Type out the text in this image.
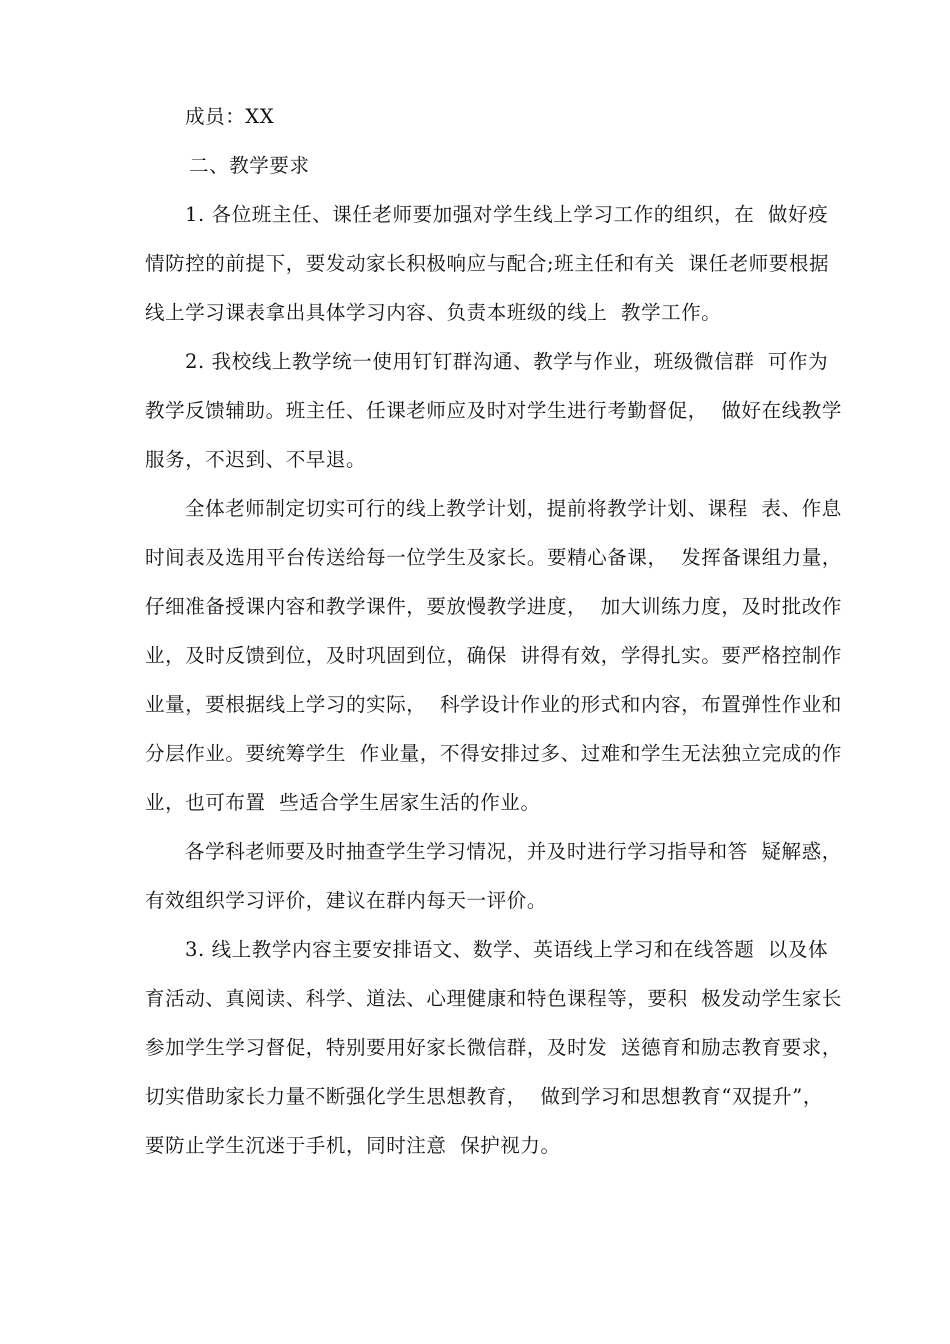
成员：XX
二、教学要求
1. 各位班主任、课任老师要加强对学生线上学习工作的组织，在  做好疫
情防控的前提下，要发动家长积极响应与配合;班主任和有关  课任老师要根据
线上学习课表拿出具体学习内容、负责本班级的线上  教学工作。
2. 我校线上教学统一使用钉钉群沟通、教学与作业，班级微信群  可作为
教学反馈辅助。班主任、任课老师应及时对学生进行考勤督促，  做好在线教学
服务，不迟到、不早退。
全体老师制定切实可行的线上教学计划，提前将教学计划、课程  表、作息
时间表及选用平台传送给每一位学生及家长。要精心备课，  发挥备课组力量，
仔细准备授课内容和教学课件，要放慢教学进度，  加大训练力度，及时批改作
业，及时反馈到位，及时巩固到位，确保  讲得有效，学得扎实。要严格控制作
业量，要根据线上学习的实际，  科学设计作业的形式和内容，布置弹性作业和
分层作业。要统筹学生  作业量，不得安排过多、过难和学生无法独立完成的作
业，也可布置  些适合学生居家生活的作业。
各学科老师要及时抽查学生学习情况，并及时进行学习指导和答  疑解惑，
有效组织学习评价，建议在群内每天一评价。
3. 线上教学内容主要安排语文、数学、英语线上学习和在线答题  以及体
育活动、真阅读、科学、道法、心理健康和特色课程等，要积  极发动学生家长
参加学生学习督促，特别要用好家长微信群，及时发  送德育和励志教育要求，
切实借助家长力量不断强化学生思想教育，  做到学习和思想教育“双提升”，
要防止学生沉迷于手机，同时注意  保护视力。
